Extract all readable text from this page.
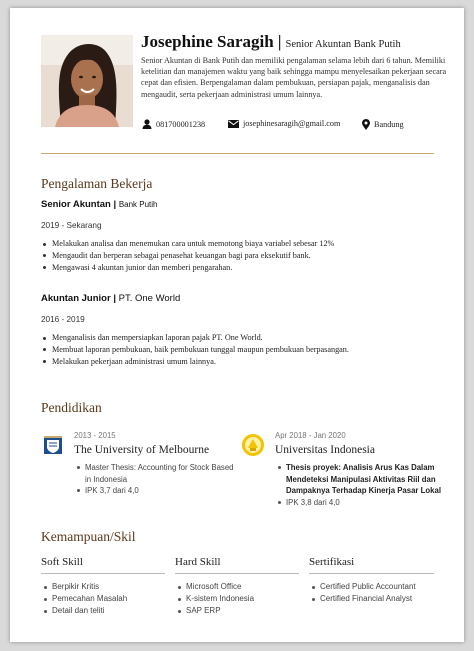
Josephine Saragih | Senior Akuntan Bank Putih

Senior Akuntan di Bank Putih dan memiliki pengalaman selama lebih dari 6 tahun. Memiliki ketelitian dan manajemen waktu yang baik sehingga mampu menyelesaikan pekerjaan secara cepat dan efisien. Berpengalaman dalam pembukuan, persiapan pajak, menganalisis dan mengaudit, serta pekerjaan administrasi umum lainnya.

081700001238	josephinesaragih@gmail.com	Bandung
Pengalaman Bekerja
Senior Akuntan | Bank Putih
2019 - Sekarang
Melakukan analisa dan menemukan cara untuk memotong biaya variabel sebesar 12%
Mengaudit dan berperan sebagai penasehat keuangan bagi para eksekutif bank.
Mengawasi 4 akuntan junior dan memberi pengarahan.
Akuntan Junior | PT. One World
2016 - 2019
Menganalisis dan mempersiapkan laporan pajak PT. One World.
Membuat laporan pembukuan, baik pembukuan tunggal maupun pembukuan berpasangan.
Melakukan pekerjaan administrasi umum lainnya.
Pendidikan
2013 - 2015
The University of Melbourne
Master Thesis: Accounting for Stock Based in Indonesia
IPK 3,7 dari 4,0
Apr 2018 - Jan 2020
Universitas Indonesia
Thesis proyek: Analisis Arus Kas Dalam Mendeteksi Manipulasi Aktivitas Riil dan Dampaknya Terhadap Kinerja Pasar Lokal
IPK 3,8 dari 4,0
Kemampuan/Skil
Soft Skill
Berpikir Kritis
Pemecahan Masalah
Detail dan teliti
Hard Skill
Microsoft Office
K-sistem Indonesia
SAP ERP
Sertifikasi
Certified Public Accountant
Certified Financial Analyst
